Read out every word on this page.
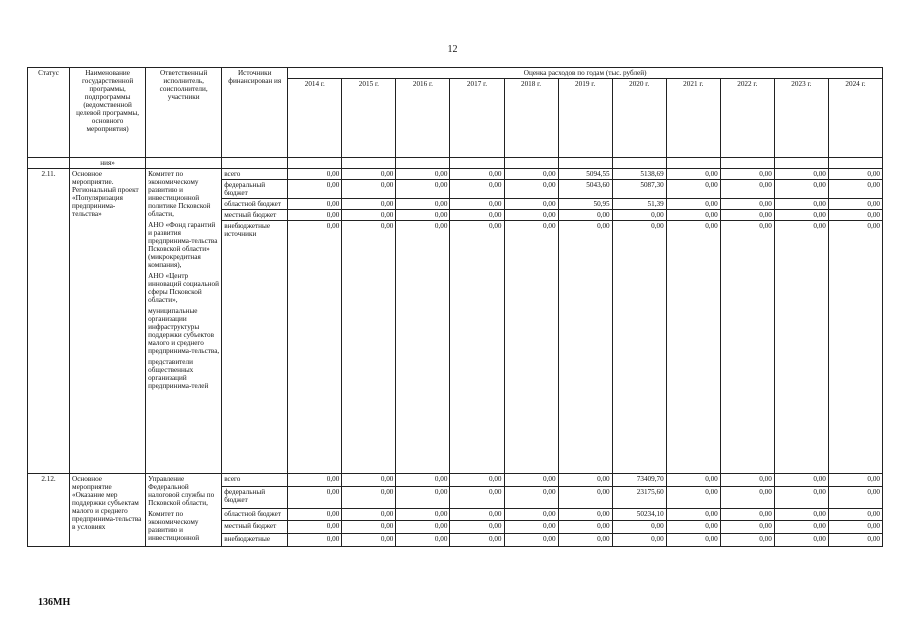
12
Статус	Наименование государственной программы, подпрограммы (ведомственной целевой программы, основного мероприятия)	Ответственный исполнитель, соисполнители, участники	Источники финансирован ия	Оценка расходов по годам (тыс. рублей)										
				2014 г.	2015 г.	2016 г.	2017 г.	2018 г.	2019 г.	2020 г.	2021 г.	2022 г.	2023 г.	2024 г.
	ния»													
2.11.	Основное мероприятие. Региональный проект «Популяризация предпринима-тельства»	Комитет по экономическому развитию и инвестиционной политике Псковской области,

АНО «Фонд гарантий и развития предпринима-тельства Псковской области» (микрокредитная компания),

АНО «Центр инноваций социальной сферы Псковской области»,

муниципальные организации инфраструктуры поддержки субъектов малого и среднего предпринима-тельства,

представители общественных организаций предпринима-телей	всего	0,00	0,00	0,00	0,00	0,00	5094,55	5138,69	0,00	0,00	0,00	0,00
			федеральный бюджет	0,00	0,00	0,00	0,00	0,00	5043,60	5087,30	0,00	0,00	0,00	0,00
			областной бюджет	0,00	0,00	0,00	0,00	0,00	50,95	51,39	0,00	0,00	0,00	0,00
			местный бюджет	0,00	0,00	0,00	0,00	0,00	0,00	0,00	0,00	0,00	0,00	0,00
			внебюджетные источники	0,00	0,00	0,00	0,00	0,00	0,00	0,00	0,00	0,00	0,00	0,00
2.12.	Основное мероприятие «Оказание мер поддержки субъектам малого и среднего предпринима-тельства в условиях	Управление Федеральной налоговой службы по Псковской области,

Комитет по экономическому развитию и инвестиционной	всего	0,00	0,00	0,00	0,00	0,00	0,00	73409,70	0,00	0,00	0,00	0,00
			федеральный бюджет	0,00	0,00	0,00	0,00	0,00	0,00	23175,60	0,00	0,00	0,00	0,00
			областной бюджет	0,00	0,00	0,00	0,00	0,00	0,00	50234,10	0,00	0,00	0,00	0,00
			местный бюджет	0,00	0,00	0,00	0,00	0,00	0,00	0,00	0,00	0,00	0,00	0,00
			внебюджетные	0,00	0,00	0,00	0,00	0,00	0,00	0,00	0,00	0,00	0,00	0,00
136МН
